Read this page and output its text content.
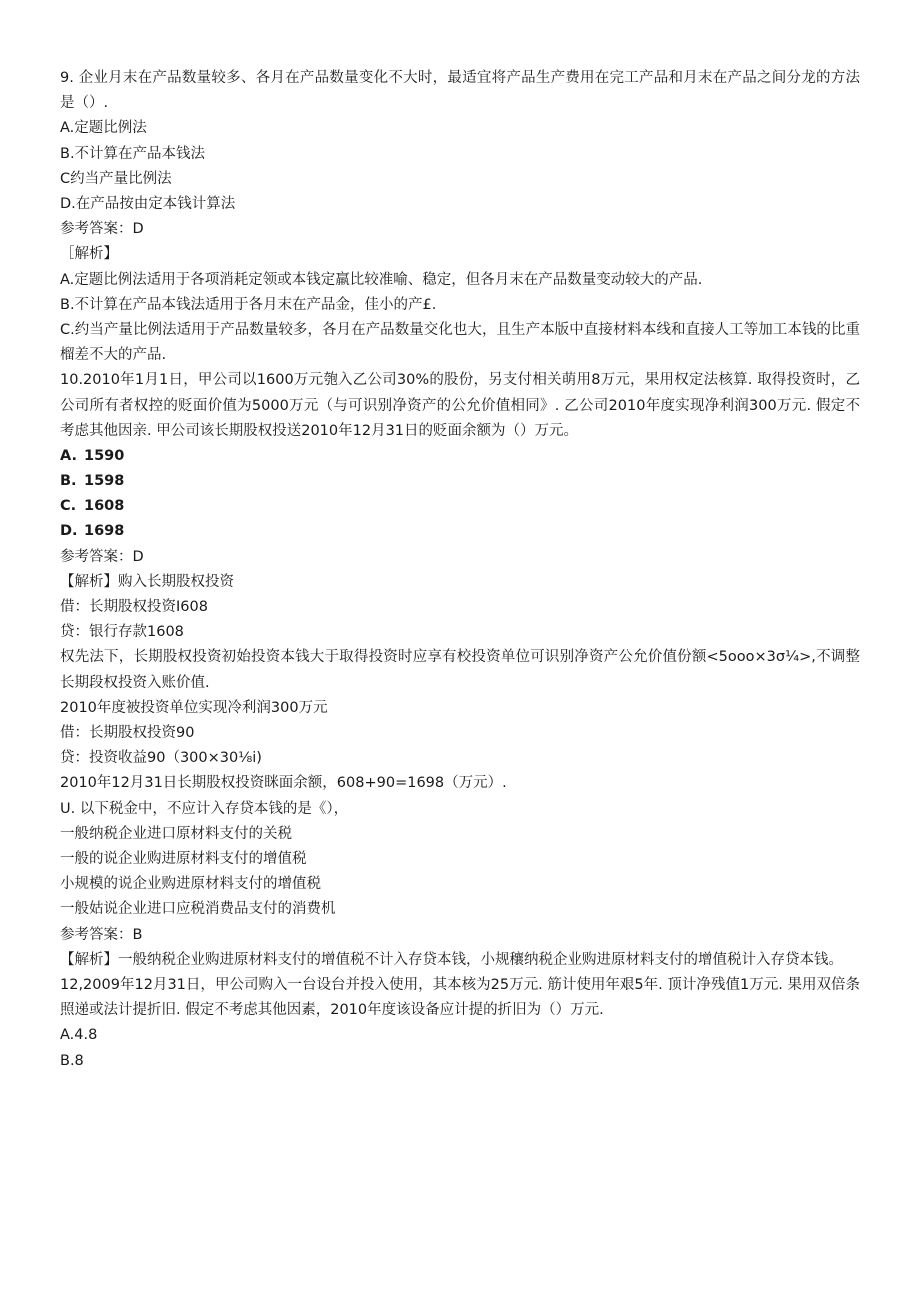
9. 企业月末在产品数量较多、各月在产品数量变化不大时，最适宜将产品生产费用在完工产品和月末在产品之间分龙的方法是（）.
A.定题比例法
B.不计算在产品本钱法
C约当产量比例法
D.在产品按由定本钱计算法
参考答案：D
［解析】
A.定题比例法适用于各项消耗定领或本钱定羸比较准喻、稳定，但各月末在产品数量变动较大的产品.
B.不计算在产品本钱法适用于各月末在产品金，佳小的产£.
C.约当产量比例法适用于产品数量较多，各月在产品数量交化也大，且生产本版中直接材料本线和直接人工等加工本钱的比重榴差不大的产品.
10.2010年1月1日，甲公司以1600万元匏入乙公司30%的股份，另支付相关萌用8万元，果用权定法核算. 取得投资时，乙公司所有者权控的贬面价值为5000万元（与可识别净资产的公允价值相同》. 乙公司2010年度实现净利润300万元. 假定不考虑其他因亲. 甲公司该长期股权投送2010年12月31日的贬面余额为（）万元。
A. 1590
B. 1598
C. 1608
D. 1698
参考答案：D
【解析】购入长期股权投资
借：长期股权投资I608
贷：银行存款1608
权先法下，长期股权投资初始投资本钱大于取得投资时应享有校投资单位可识别净资产公允价值份额<5ooo×3σ¼>,不调整长期段权投资入账价值.
2010年度被投资单位实现冷利润300万元
借：长期股权投资90
贷：投资收益90（300×30⅛i)
2010年12月31日长期股权投资眯面余额，608+90=1698（万元）.
U. 以下税金中，不应计入存贷本钱的是《），
一般纳税企业进口原材料支付的关税
一般的说企业购进原材料支付的增值税
小规模的说企业购进原材料支付的增值税
一般姑说企业进口应税消费品支付的消费机
参考答案：B
【解析】一般纳税企业购进原材料支付的增值税不计入存贷本钱，小规穰纳税企业购进原材料支付的增值税计入存贷本钱。
12,2009年12月31日，甲公司购入一台设台并投入使用，其本核为25万元. 筋计使用年艰5年. 顶计净残值1万元. 果用双倍条照递或法计提折旧. 假定不考虑其他因素，2010年度该设备应计提的折旧为（）万元.
A.4.8
B.8
